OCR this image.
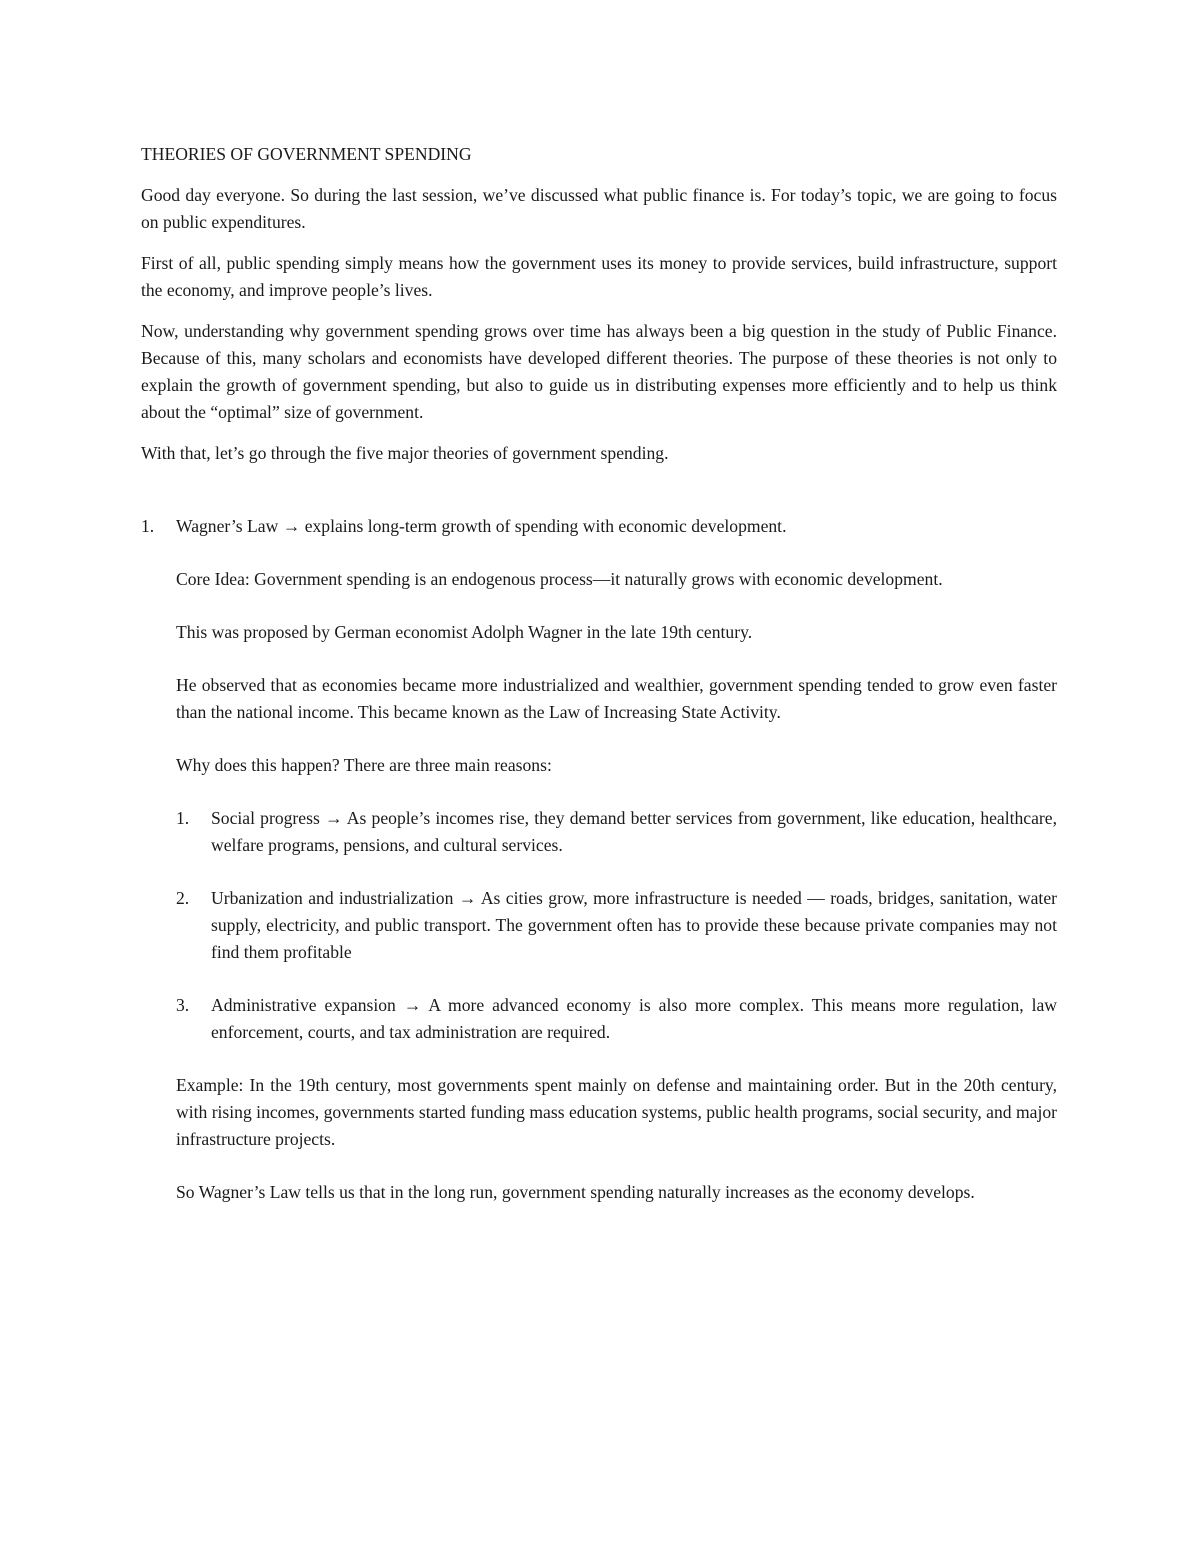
THEORIES OF GOVERNMENT SPENDING

Good day everyone. So during the last session, we’ve discussed what public finance is. For today’s topic, we are going to focus on public expenditures.

First of all, public spending simply means how the government uses its money to provide services, build infrastructure, support the economy, and improve people’s lives.

Now, understanding why government spending grows over time has always been a big question in the study of Public Finance. Because of this, many scholars and economists have developed different theories. The purpose of these theories is not only to explain the growth of government spending, but also to guide us in distributing expenses more efficiently and to help us think about the “optimal” size of government.

With that, let’s go through the five major theories of government spending.

1.	Wagner’s Law → explains long-term growth of spending with economic development.

Core Idea: Government spending is an endogenous process—it naturally grows with economic development.

This was proposed by German economist Adolph Wagner in the late 19th century.

He observed that as economies became more industrialized and wealthier, government spending tended to grow even faster than the national income. This became known as the Law of Increasing State Activity.

Why does this happen? There are three main reasons:

1.	Social progress → As people’s incomes rise, they demand better services from government, like education, healthcare, welfare programs, pensions, and cultural services.

2.	Urbanization and industrialization → As cities grow, more infrastructure is needed — roads, bridges, sanitation, water supply, electricity, and public transport. The government often has to provide these because private companies may not find them profitable

3.	Administrative expansion → A more advanced economy is also more complex. This means more regulation, law enforcement, courts, and tax administration are required.

Example: In the 19th century, most governments spent mainly on defense and maintaining order. But in the 20th century, with rising incomes, governments started funding mass education systems, public health programs, social security, and major infrastructure projects.

So Wagner’s Law tells us that in the long run, government spending naturally increases as the economy develops.
